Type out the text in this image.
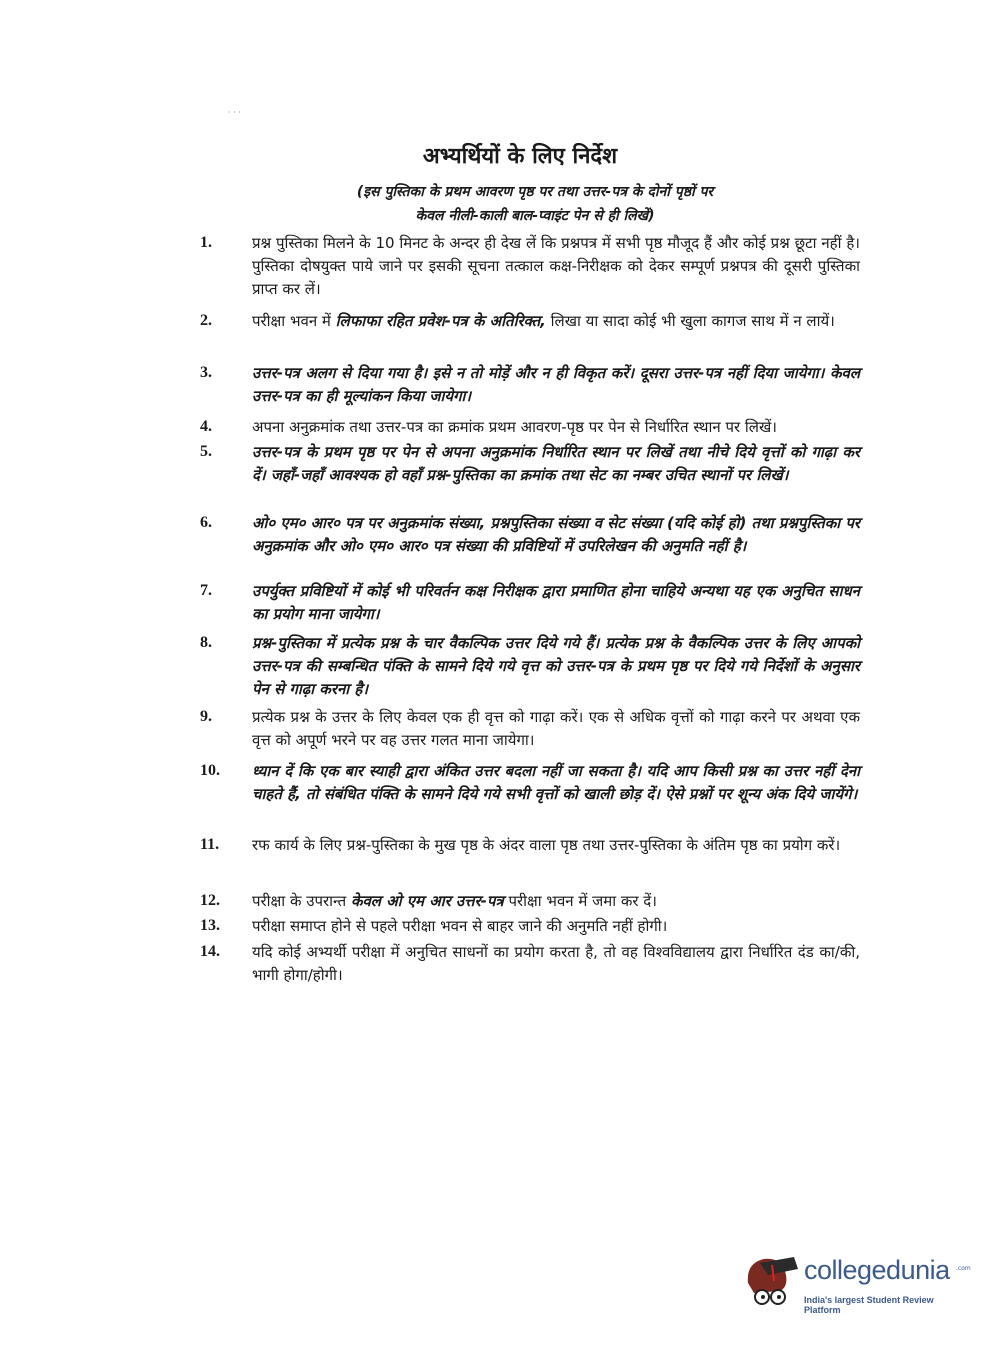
· · ·
अभ्यर्थियों के लिए निर्देश
(इस पुस्तिका के प्रथम आवरण पृष्ठ पर तथा उत्तर-पत्र के दोनों पृष्ठों पर
केवल नीली-काली बाल-प्वाइंट पेन से ही लिखें)
1.	प्रश्न पुस्तिका मिलने के 10 मिनट के अन्दर ही देख लें कि प्रश्नपत्र में सभी पृष्ठ मौजूद हैं और कोई प्रश्न छूटा नहीं है। पुस्तिका दोषयुक्त पाये जाने पर इसकी सूचना तत्काल कक्ष-निरीक्षक को देकर सम्पूर्ण प्रश्नपत्र की दूसरी पुस्तिका प्राप्त कर लें।
2.	परीक्षा भवन में लिफाफा रहित प्रवेश-पत्र के अतिरिक्त, लिखा या सादा कोई भी खुला कागज साथ में न लायें।
3.	उत्तर-पत्र अलग से दिया गया है। इसे न तो मोड़ें और न ही विकृत करें। दूसरा उत्तर-पत्र नहीं दिया जायेगा। केवल उत्तर-पत्र का ही मूल्यांकन किया जायेगा।
4.	अपना अनुक्रमांक तथा उत्तर-पत्र का क्रमांक प्रथम आवरण-पृष्ठ पर पेन से निर्धारित स्थान पर लिखें।
5.	उत्तर-पत्र के प्रथम पृष्ठ पर पेन से अपना अनुक्रमांक निर्धारित स्थान पर लिखें तथा नीचे दिये वृत्तों को गाढ़ा कर दें। जहाँ-जहाँ आवश्यक हो वहाँ प्रश्न-पुस्तिका का क्रमांक तथा सेट का नम्बर उचित स्थानों पर लिखें।
6.	ओ० एम० आर० पत्र पर अनुक्रमांक संख्या, प्रश्नपुस्तिका संख्या व सेट संख्या (यदि कोई हो) तथा प्रश्नपुस्तिका पर अनुक्रमांक और ओ० एम० आर० पत्र संख्या की प्रविष्टियों में उपरिलेखन की अनुमति नहीं है।
7.	उपर्युक्त प्रविष्टियों में कोई भी परिवर्तन कक्ष निरीक्षक द्वारा प्रमाणित होना चाहिये अन्यथा यह एक अनुचित साधन का प्रयोग माना जायेगा।
8.	प्रश्न-पुस्तिका में प्रत्येक प्रश्न के चार वैकल्पिक उत्तर दिये गये हैं। प्रत्येक प्रश्न के वैकल्पिक उत्तर के लिए आपको उत्तर-पत्र की सम्बन्धित पंक्ति के सामने दिये गये वृत्त को उत्तर-पत्र के प्रथम पृष्ठ पर दिये गये निर्देशों के अनुसार पेन से गाढ़ा करना है।
9.	प्रत्येक प्रश्न के उत्तर के लिए केवल एक ही वृत्त को गाढ़ा करें। एक से अधिक वृत्तों को गाढ़ा करने पर अथवा एक वृत्त को अपूर्ण भरने पर वह उत्तर गलत माना जायेगा।
10.	ध्यान दें कि एक बार स्याही द्वारा अंकित उत्तर बदला नहीं जा सकता है। यदि आप किसी प्रश्न का उत्तर नहीं देना चाहते हैं, तो संबंधित पंक्ति के सामने दिये गये सभी वृत्तों को खाली छोड़ दें। ऐसे प्रश्नों पर शून्य अंक दिये जायेंगे।
11.	रफ कार्य के लिए प्रश्न-पुस्तिका के मुख पृष्ठ के अंदर वाला पृष्ठ तथा उत्तर-पुस्तिका के अंतिम पृष्ठ का प्रयोग करें।
12.	परीक्षा के उपरान्त केवल ओ एम आर उत्तर-पत्र परीक्षा भवन में जमा कर दें।
13.	परीक्षा समाप्त होने से पहले परीक्षा भवन से बाहर जाने की अनुमति नहीं होगी।
14.	यदि कोई अभ्यर्थी परीक्षा में अनुचित साधनों का प्रयोग करता है, तो वह विश्वविद्यालय द्वारा निर्धारित दंड का/की, भागी होगा/होगी।
collegedunia .com
India's largest Student Review Platform
